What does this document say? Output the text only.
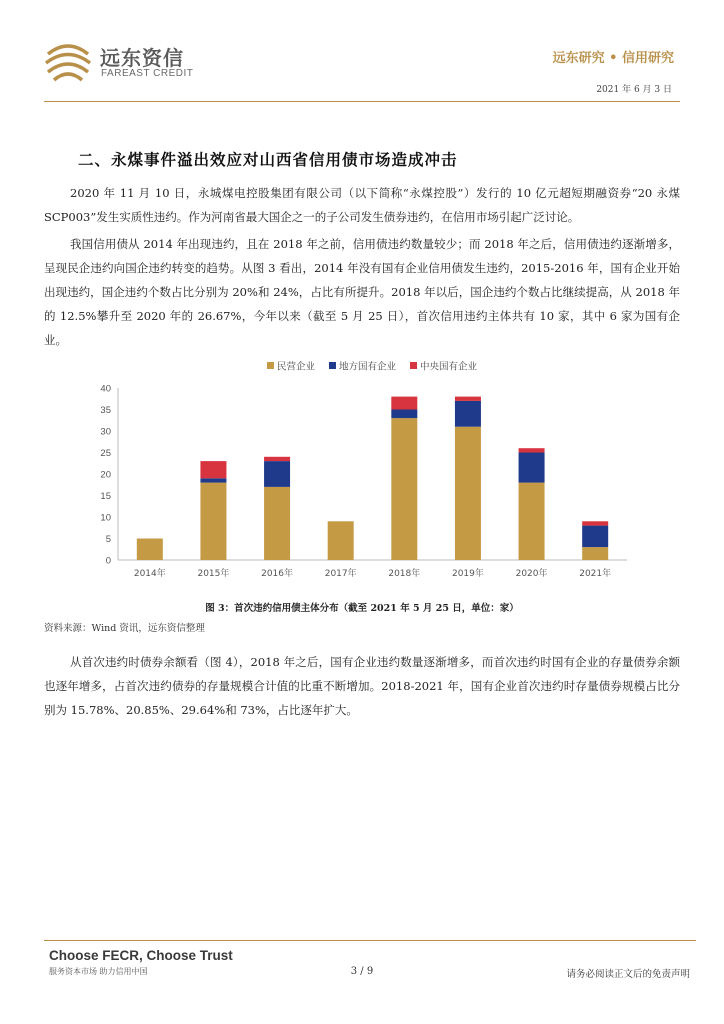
远东资信
FAREAST CREDIT
远东研究 • 信用研究
2021 年 6 月 3 日
二、永煤事件溢出效应对山西省信用债市场造成冲击

2020 年 11 月 10 日，永城煤电控股集团有限公司（以下简称“永煤控股”）发行的 10 亿元超短期融资券“20 永煤 SCP003”发生实质性违约。作为河南省最大国企之一的子公司发生债券违约，在信用市场引起广泛讨论。

我国信用债从 2014 年出现违约，且在 2018 年之前，信用债违约数量较少；而 2018 年之后，信用债违约逐渐增多，呈现民企违约向国企违约转变的趋势。从图 3 看出，2014 年没有国有企业信用债发生违约，2015-2016 年，国有企业开始出现违约，国企违约个数占比分别为 20%和 24%，占比有所提升。2018 年以后，国企违约个数占比继续提高，从 2018 年的 12.5%攀升至 2020 年的 26.67%，今年以来（截至 5 月 25 日），首次信用违约主体共有 10 家，其中 6 家为国有企业。

0
5
10
15
20
25
30
35
40
2014年	2015年	2016年	2017年	2018年	2019年	2020年	2021年
民营企业	地方国有企业	中央国有企业
图 3：首次违约信用债主体分布（截至 2021 年 5 月 25 日，单位：家）
资料来源：Wind 资讯，远东资信整理

从首次违约时债券余额看（图 4），2018 年之后，国有企业违约数量逐渐增多，而首次违约时国有企业的存量债券余额也逐年增多，占首次违约债券的存量规模合计值的比重不断增加。2018-2021 年，国有企业首次违约时存量债券规模占比分别为 15.78%、20.85%、29.64%和 73%，占比逐年扩大。

Choose FECR, Choose Trust
服务资本市场 助力信用中国	3 / 9	请务必阅读正文后的免责声明
